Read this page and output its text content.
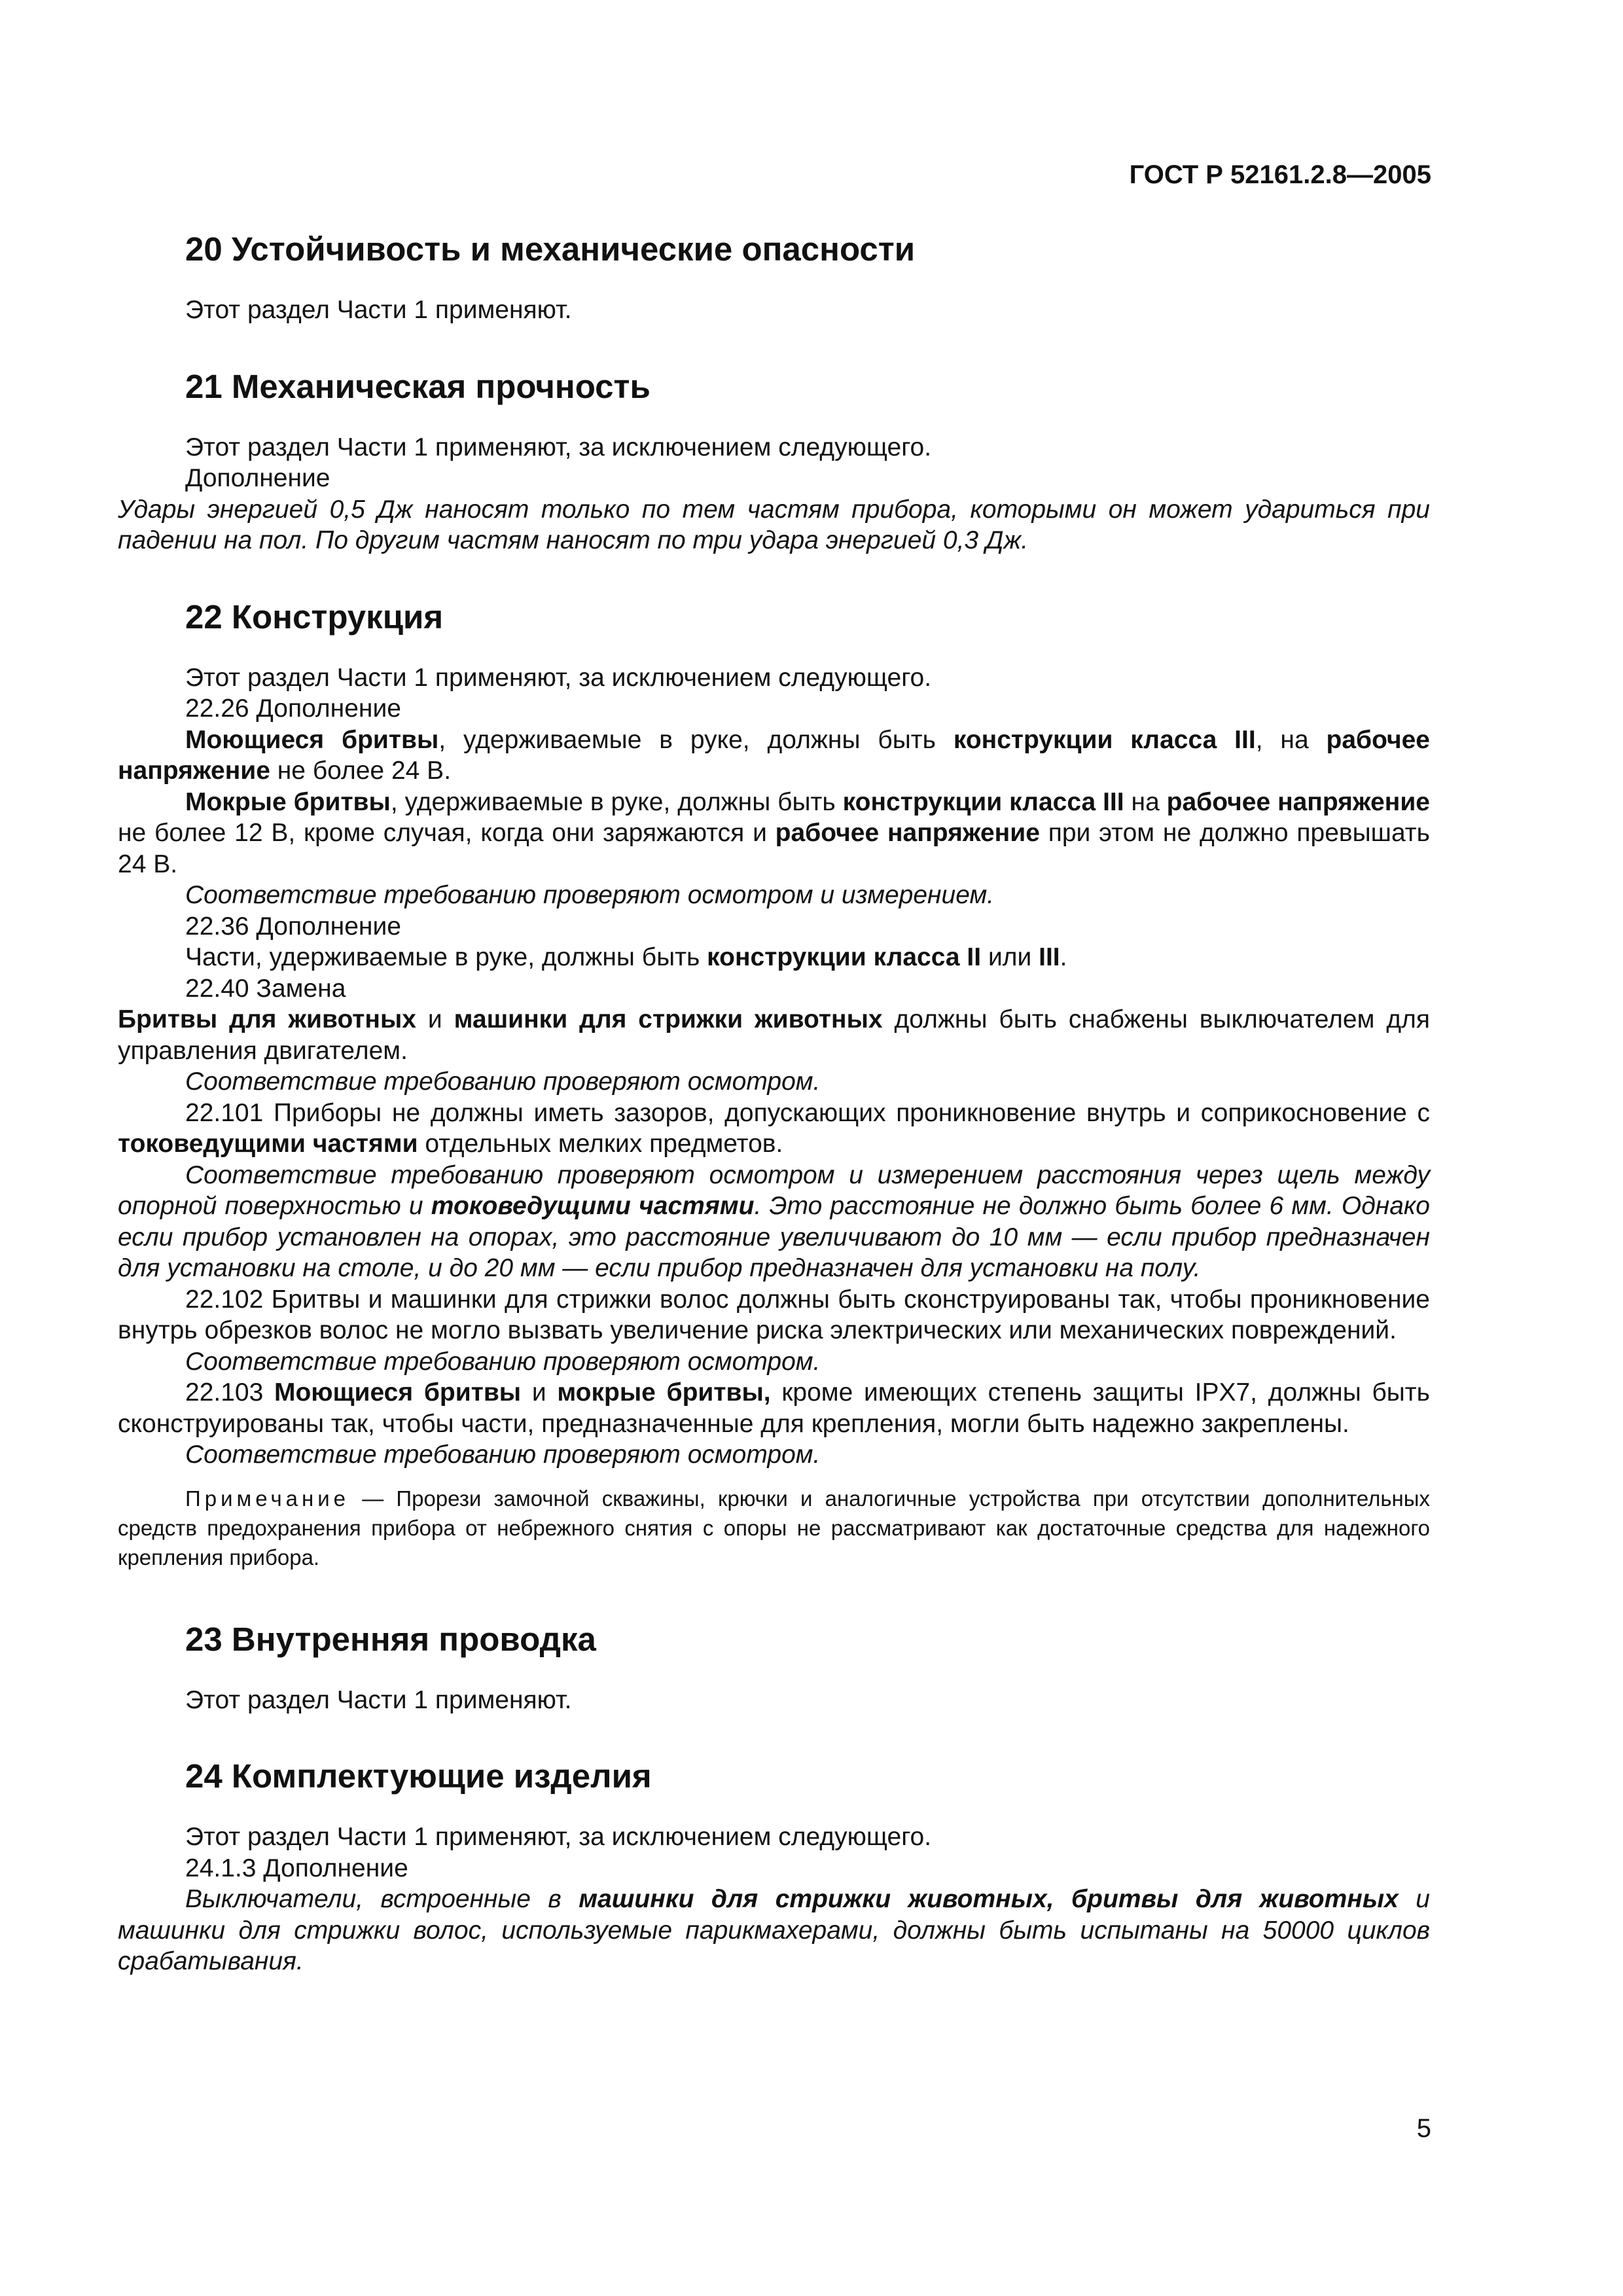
ГОСТ Р 52161.2.8—2005
20 Устойчивость и механические опасности

Этот раздел Части 1 применяют.

21 Механическая прочность

Этот раздел Части 1 применяют, за исключением следующего.

Дополнение

Удары энергией 0,5 Дж наносят только по тем частям прибора, которыми он может удариться при падении на пол. По другим частям наносят по три удара энергией 0,3 Дж.

22 Конструкция

Этот раздел Части 1 применяют, за исключением следующего.

22.26 Дополнение

Моющиеся бритвы, удерживаемые в руке, должны быть конструкции класса III, на рабочее напряжение не более 24 В.

Мокрые бритвы, удерживаемые в руке, должны быть конструкции класса III на рабочее напряжение не более 12 В, кроме случая, когда они заряжаются и рабочее напряжение при этом не должно превышать 24 В.

Соответствие требованию проверяют осмотром и измерением.

22.36 Дополнение

Части, удерживаемые в руке, должны быть конструкции класса II или III.

22.40 Замена

Бритвы для животных и машинки для стрижки животных должны быть снабжены выключателем для управления двигателем.

Соответствие требованию проверяют осмотром.

22.101 Приборы не должны иметь зазоров, допускающих проникновение внутрь и соприкосновение с токоведущими частями отдельных мелких предметов.

Соответствие требованию проверяют осмотром и измерением расстояния через щель между опорной поверхностью и токоведущими частями. Это расстояние не должно быть более 6 мм. Однако если прибор установлен на опорах, это расстояние увеличивают до 10 мм — если прибор предназначен для установки на столе, и до 20 мм — если прибор предназначен для установки на полу.

22.102 Бритвы и машинки для стрижки волос должны быть сконструированы так, чтобы проникновение внутрь обрезков волос не могло вызвать увеличение риска электрических или механических повреждений.

Соответствие требованию проверяют осмотром.

22.103 Моющиеся бритвы и мокрые бритвы, кроме имеющих степень защиты IPX7, должны быть сконструированы так, чтобы части, предназначенные для крепления, могли быть надежно закреплены.

Соответствие требованию проверяют осмотром.

Примечание — Прорези замочной скважины, крючки и аналогичные устройства при отсутствии дополнительных средств предохранения прибора от небрежного снятия с опоры не рассматривают как достаточные средства для надежного крепления прибора.

23 Внутренняя проводка

Этот раздел Части 1 применяют.

24 Комплектующие изделия

Этот раздел Части 1 применяют, за исключением следующего.

24.1.3 Дополнение

Выключатели, встроенные в машинки для стрижки животных, бритвы для животных и машинки для стрижки волос, используемые парикмахерами, должны быть испытаны на 50000 циклов срабатывания.

5
